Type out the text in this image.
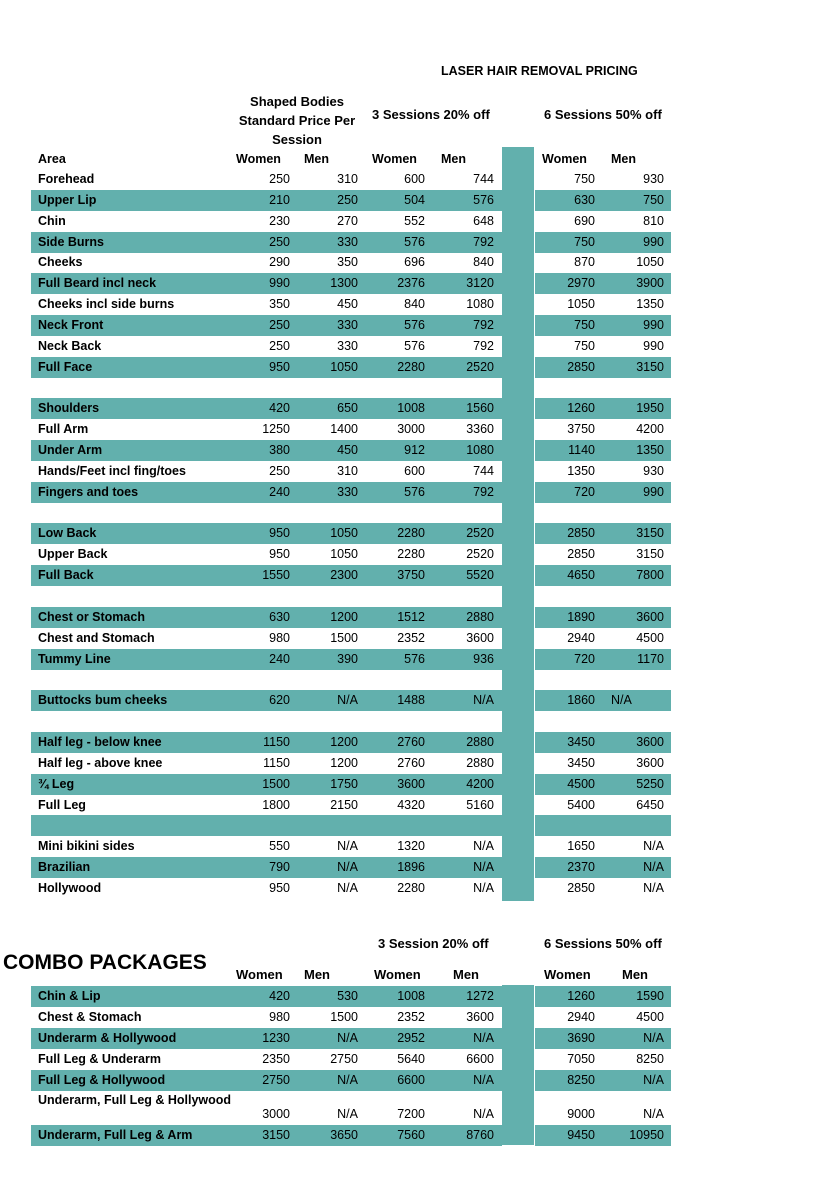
LASER HAIR REMOVAL PRICING
Shaped Bodies Standard Price Per Session
3 Sessions 20% off	6 Sessions 50% off
Area	Women Men	Women Men	Women Men
Forehead	250	310	600	744	750	930
Upper Lip	210	250	504	576	630	750
Chin	230	270	552	648	690	810
Side Burns	250	330	576	792	750	990
Cheeks	290	350	696	840	870	1050
Full Beard incl neck	990	1300	2376	3120	2970	3900
Cheeks incl side burns	350	450	840	1080	1050	1350
Neck Front	250	330	576	792	750	990
Neck Back	250	330	576	792	750	990
Full Face	950	1050	2280	2520	2850	3150
Shoulders	420	650	1008	1560	1260	1950
Full Arm	1250	1400	3000	3360	3750	4200
Under Arm	380	450	912	1080	1140	1350
Hands/Feet incl fing/toes	250	310	600	744	1350	930
Fingers and toes	240	330	576	792	720	990
Low Back	950	1050	2280	2520	2850	3150
Upper Back	950	1050	2280	2520	2850	3150
Full Back	1550	2300	3750	5520	4650	7800
Chest or Stomach	630	1200	1512	2880	1890	3600
Chest and Stomach	980	1500	2352	3600	2940	4500
Tummy Line	240	390	576	936	720	1170
Buttocks bum cheeks	620	N/A	1488	N/A	1860 N/A
Half leg - below knee	1150	1200	2760	2880	3450	3600
Half leg - above knee	1150	1200	2760	2880	3450	3600
¾ Leg	1500	1750	3600	4200	4500	5250
Full Leg	1800	2150	4320	5160	5400	6450
Mini bikini sides	550	N/A	1320	N/A	1650	N/A
Brazilian	790	N/A	1896	N/A	2370	N/A
Hollywood	950	N/A	2280	N/A	2850	N/A
3 Session 20% off	6 Sessions 50% off
COMBO PACKAGES
Women Men	Women Men	Women Men
Chin & Lip	420	530	1008	1272	1260	1590
Chest & Stomach	980	1500	2352	3600	2940	4500
Underarm & Hollywood	1230	N/A	2952	N/A	3690	N/A
Full Leg & Underarm	2350	2750	5640	6600	7050	8250
Full Leg & Hollywood	2750	N/A	6600	N/A	8250	N/A
Underarm, Full Leg & Hollywood
3000	N/A	7200	N/A	9000	N/A
Underarm, Full Leg & Arm	3150	3650	7560	8760	9450	10950
